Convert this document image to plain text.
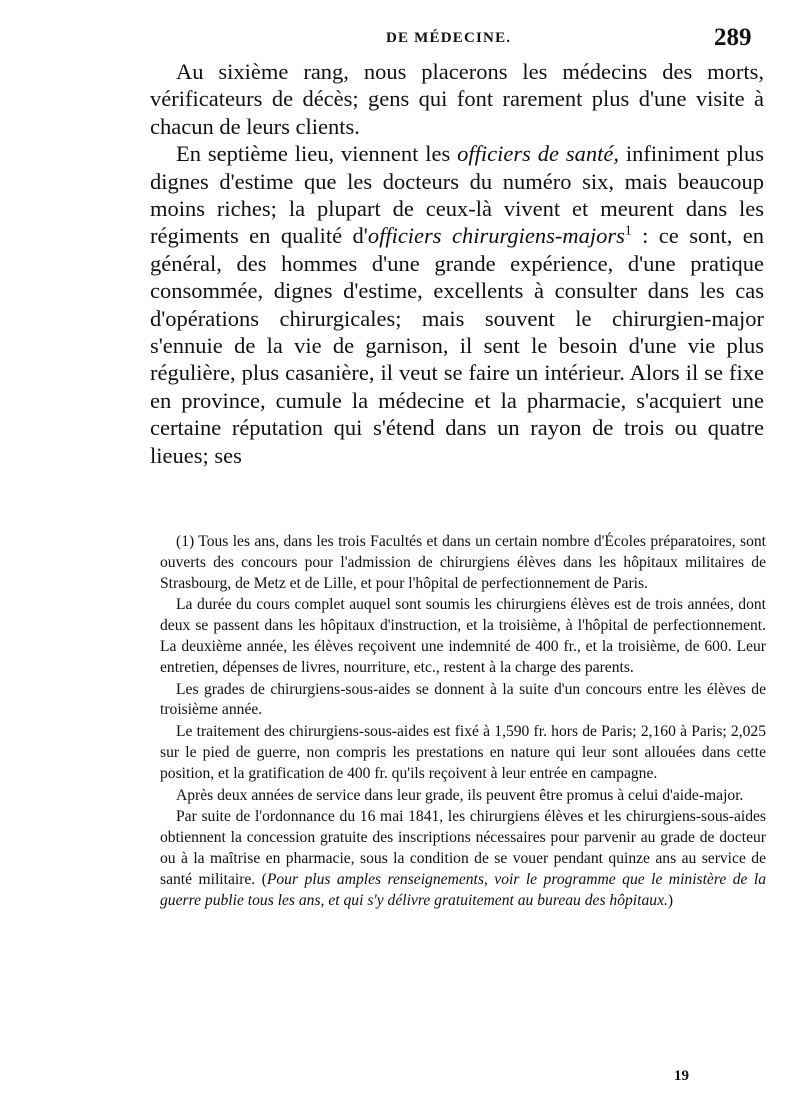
DE MÉDECINE.	289

Au sixième rang, nous placerons les médecins des morts, vérificateurs de décès; gens qui font rarement plus d'une visite à chacun de leurs clients.

En septième lieu, viennent les officiers de santé, infiniment plus dignes d'estime que les docteurs du numéro six, mais beaucoup moins riches; la plupart de ceux-là vivent et meurent dans les régiments en qualité d'officiers chirurgiens-majors$^1$ : ce sont, en général, des hommes d'une grande expérience, d'une pratique consommée, dignes d'estime, excellents à consulter dans les cas d'opérations chirurgicales; mais souvent le chirurgien-major s'ennuie de la vie de garnison, il sent le besoin d'une vie plus régulière, plus casanière, il veut se faire un intérieur. Alors il se fixe en province, cumule la médecine et la pharmacie, s'acquiert une certaine réputation qui s'étend dans un rayon de trois ou quatre lieues; ses

(1) Tous les ans, dans les trois Facultés et dans un certain nombre d'Écoles préparatoires, sont ouverts des concours pour l'admission de chirurgiens élèves dans les hôpitaux militaires de Strasbourg, de Metz et de Lille, et pour l'hôpital de perfectionnement de Paris.

La durée du cours complet auquel sont soumis les chirurgiens élèves est de trois années, dont deux se passent dans les hôpitaux d'instruction, et la troisième, à l'hôpital de perfectionnement. La deuxième année, les élèves reçoivent une indemnité de 400 fr., et la troisième, de 600. Leur entretien, dépenses de livres, nourriture, etc., restent à la charge des parents.

Les grades de chirurgiens-sous-aides se donnent à la suite d'un concours entre les élèves de troisième année.

Le traitement des chirurgiens-sous-aides est fixé à 1,590 fr. hors de Paris; 2,160 à Paris; 2,025 sur le pied de guerre, non compris les prestations en nature qui leur sont allouées dans cette position, et la gratification de 400 fr. qu'ils reçoivent à leur entrée en campagne.

Après deux années de service dans leur grade, ils peuvent être promus à celui d'aide-major.

Par suite de l'ordonnance du 16 mai 1841, les chirurgiens élèves et les chirurgiens-sous-aides obtiennent la concession gratuite des inscriptions nécessaires pour parvenir au grade de docteur ou à la maîtrise en pharmacie, sous la condition de se vouer pendant quinze ans au service de santé militaire. (Pour plus amples renseignements, voir le programme que le ministère de la guerre publie tous les ans, et qui s'y délivre gratuitement au bureau des hôpitaux.)

19
